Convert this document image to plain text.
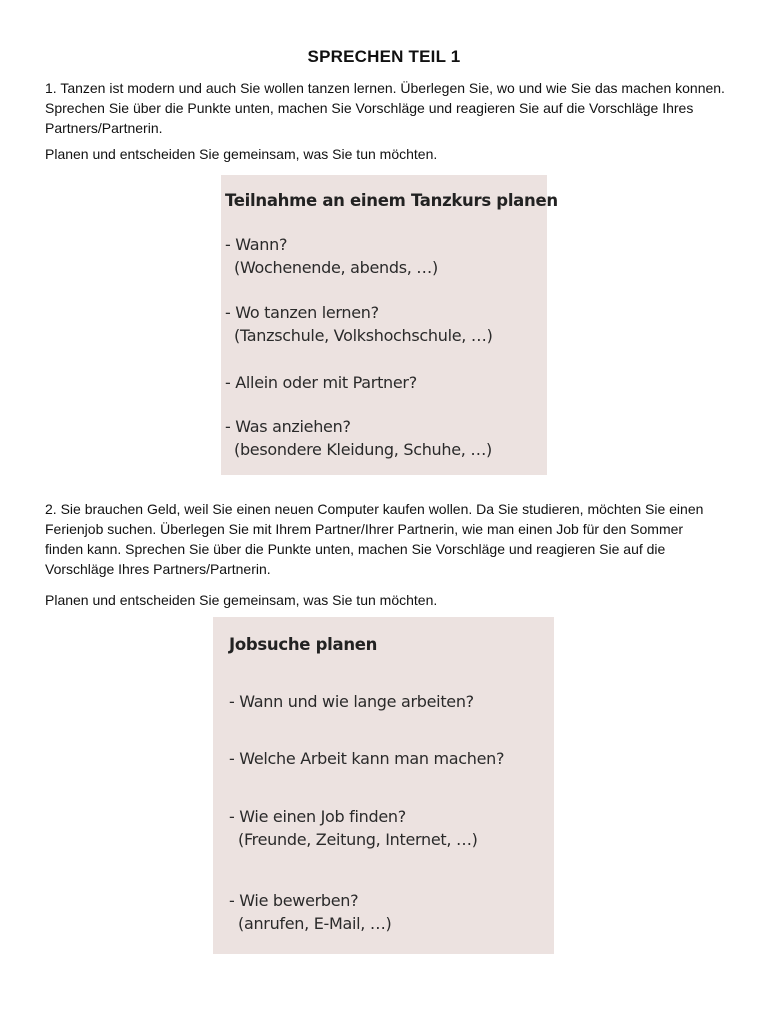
SPRECHEN TEIL 1

1. Tanzen ist modern und auch Sie wollen tanzen lernen. Überlegen Sie, wo und wie Sie das machen konnen. Sprechen Sie über die Punkte unten, machen Sie Vorschläge und reagieren Sie auf die Vorschläge Ihres Partners/Partnerin.

Planen und entscheiden Sie gemeinsam, was Sie tun möchten.

Teilnahme an einem Tanzkurs planen
- Wann?
(Wochenende, abends, …)
- Wo tanzen lernen?
(Tanzschule, Volkshochschule, …)
- Allein oder mit Partner?
- Was anziehen?
(besondere Kleidung, Schuhe, …)

2. Sie brauchen Geld, weil Sie einen neuen Computer kaufen wollen. Da Sie studieren, möchten Sie einen Ferienjob suchen. Überlegen Sie mit Ihrem Partner/Ihrer Partnerin, wie man einen Job für den Sommer finden kann. Sprechen Sie über die Punkte unten, machen Sie Vorschläge und reagieren Sie auf die Vorschläge Ihres Partners/Partnerin.

Planen und entscheiden Sie gemeinsam, was Sie tun möchten.

Jobsuche planen
- Wann und wie lange arbeiten?
- Welche Arbeit kann man machen?
- Wie einen Job finden?
(Freunde, Zeitung, Internet, …)
- Wie bewerben?
(anrufen, E-Mail, …)
